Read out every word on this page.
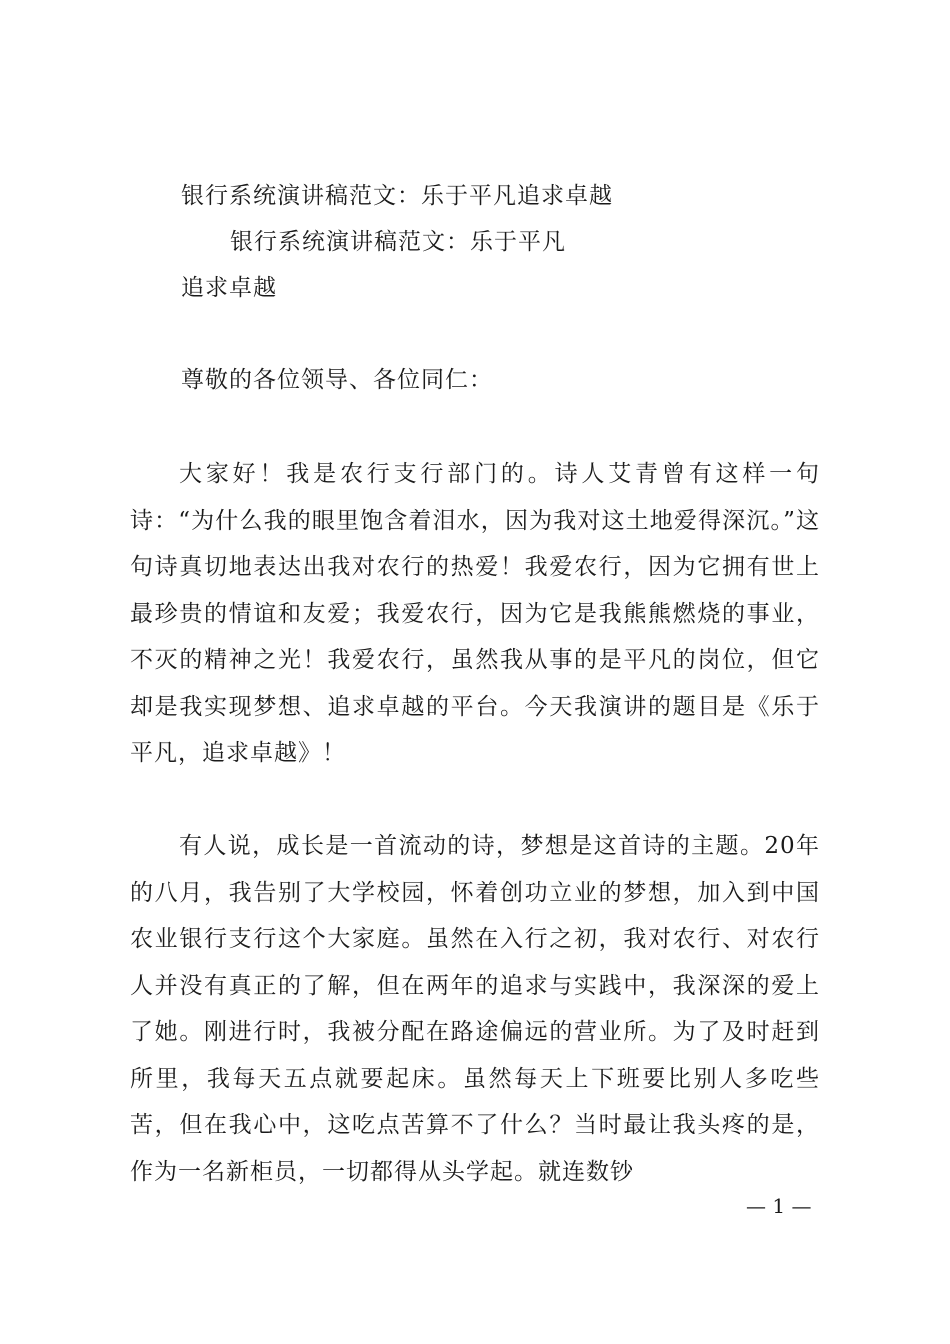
银行系统演讲稿范文：乐于平凡追求卓越
银行系统演讲稿范文：乐于平凡
追求卓越
尊敬的各位领导、各位同仁：

大家好！我是农行支行部门的。诗人艾青曾有这样一句诗：“为什么我的眼里饱含着泪水，因为我对这土地爱得深沉。”这句诗真切地表达出我对农行的热爱！我爱农行，因为它拥有世上最珍贵的情谊和友爱；我爱农行，因为它是我熊熊燃烧的事业，不灭的精神之光！我爱农行，虽然我从事的是平凡的岗位，但它却是我实现梦想、追求卓越的平台。今天我演讲的题目是《乐于平凡，追求卓越》！

有人说，成长是一首流动的诗，梦想是这首诗的主题。20年的八月，我告别了大学校园，怀着创功立业的梦想，加入到中国农业银行支行这个大家庭。虽然在入行之初，我对农行、对农行人并没有真正的了解，但在两年的追求与实践中，我深深的爱上了她。刚进行时，我被分配在路途偏远的营业所。为了及时赶到所里，我每天五点就要起床。虽然每天上下班要比别人多吃些苦，但在我心中，这吃点苦算不了什么？当时最让我头疼的是，作为一名新柜员，一切都得从头学起。就连数钞

— 1 —
